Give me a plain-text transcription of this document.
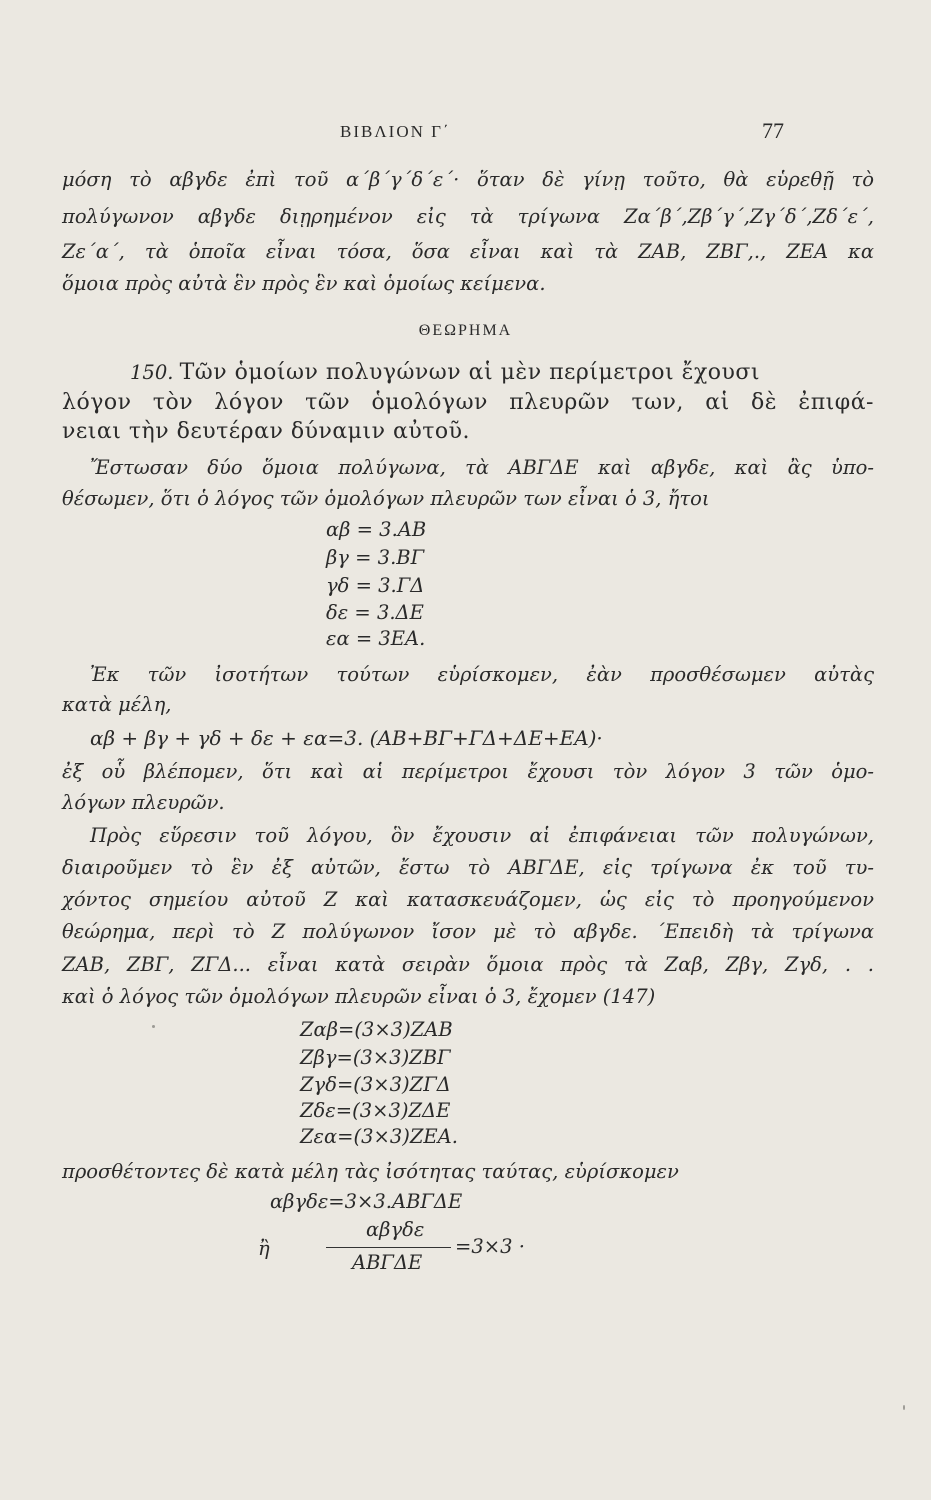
ΒΙΒΛΙΟΝ Γ΄	77
μόση τὸ αβγδε ἐπὶ τοῦ α΄β΄γ΄δ΄ε΄· ὅταν δὲ γίνῃ τοῦτο, θὰ εὑρεθῇ τὸ
πολύγωνον αβγδε διῃρημένον εἰς τὰ τρίγωνα Ζα΄β΄,Ζβ΄γ΄,Ζγ΄δ΄,Ζδ΄ε΄,
Ζε΄α΄, τὰ ὁποῖα εἶναι τόσα, ὅσα εἶναι καὶ τὰ ΖΑΒ, ΖΒΓ,., ΖΕΑ κα
ὅμοια πρὸς αὐτὰ ἓν πρὸς ἓν καὶ ὁμοίως κείμενα.
ΘΕΩΡΗΜΑ
150. Τῶν ὁμοίων πολυγώνων αἱ μὲν περίμετροι ἔχουσι
λόγον τὸν λόγον τῶν ὁμολόγων πλευρῶν των, αἱ δὲ ἐπιφά-
νειαι τὴν δευτέραν δύναμιν αὐτοῦ.
Ἔστωσαν δύο ὅμοια πολύγωνα, τὰ ΑΒΓΔΕ καὶ αβγδε, καὶ ἂς ὑπο-
θέσωμεν, ὅτι ὁ λόγος τῶν ὁμολόγων πλευρῶν των εἶναι ὁ 3, ἤτοι
αβ = 3.ΑΒ
βγ = 3.ΒΓ
γδ = 3.ΓΔ
δε = 3.ΔΕ
εα = 3ΕΑ.
Ἐκ τῶν ἰσοτήτων τούτων εὑρίσκομεν, ἐὰν προσθέσωμεν αὐτὰς
κατὰ μέλη,
αβ + βγ + γδ + δε + εα=3. (ΑΒ+ΒΓ+ΓΔ+ΔΕ+ΕΑ)·
ἐξ οὗ βλέπομεν, ὅτι καὶ αἱ περίμετροι ἔχουσι τὸν λόγον 3 τῶν ὁμο-
λόγων πλευρῶν.
Πρὸς εὕρεσιν τοῦ λόγου, ὃν ἔχουσιν αἱ ἐπιφάνειαι τῶν πολυγώνων,
διαιροῦμεν τὸ ἓν ἐξ αὐτῶν, ἔστω τὸ ΑΒΓΔΕ, εἰς τρίγωνα ἐκ τοῦ τυ-
χόντος σημείου αὐτοῦ Ζ καὶ κατασκευάζομεν, ὡς εἰς τὸ προηγούμενον
θεώρημα, περὶ τὸ Ζ πολύγωνον ἴσον μὲ τὸ αβγδε. ΄Επειδὴ τὰ τρίγωνα
ΖΑΒ, ΖΒΓ, ΖΓΔ... εἶναι κατὰ σειρὰν ὅμοια πρὸς τὰ Ζαβ, Ζβγ, Ζγδ, . .
καὶ ὁ λόγος τῶν ὁμολόγων πλευρῶν εἶναι ὁ 3, ἔχομεν (147)
Ζαβ=(3×3)ΖΑΒ
Ζβγ=(3×3)ΖΒΓ
Ζγδ=(3×3)ΖΓΔ
Ζδε=(3×3)ΖΔΕ
Ζεα=(3×3)ΖΕΑ.
προσθέτοντες δὲ κατὰ μέλη τὰς ἰσότητας ταύτας, εὑρίσκομεν
αβγδε=3×3.ΑΒΓΔΕ
ἢ
αβγδε
ΑΒΓΔΕ
=3×3 ·
